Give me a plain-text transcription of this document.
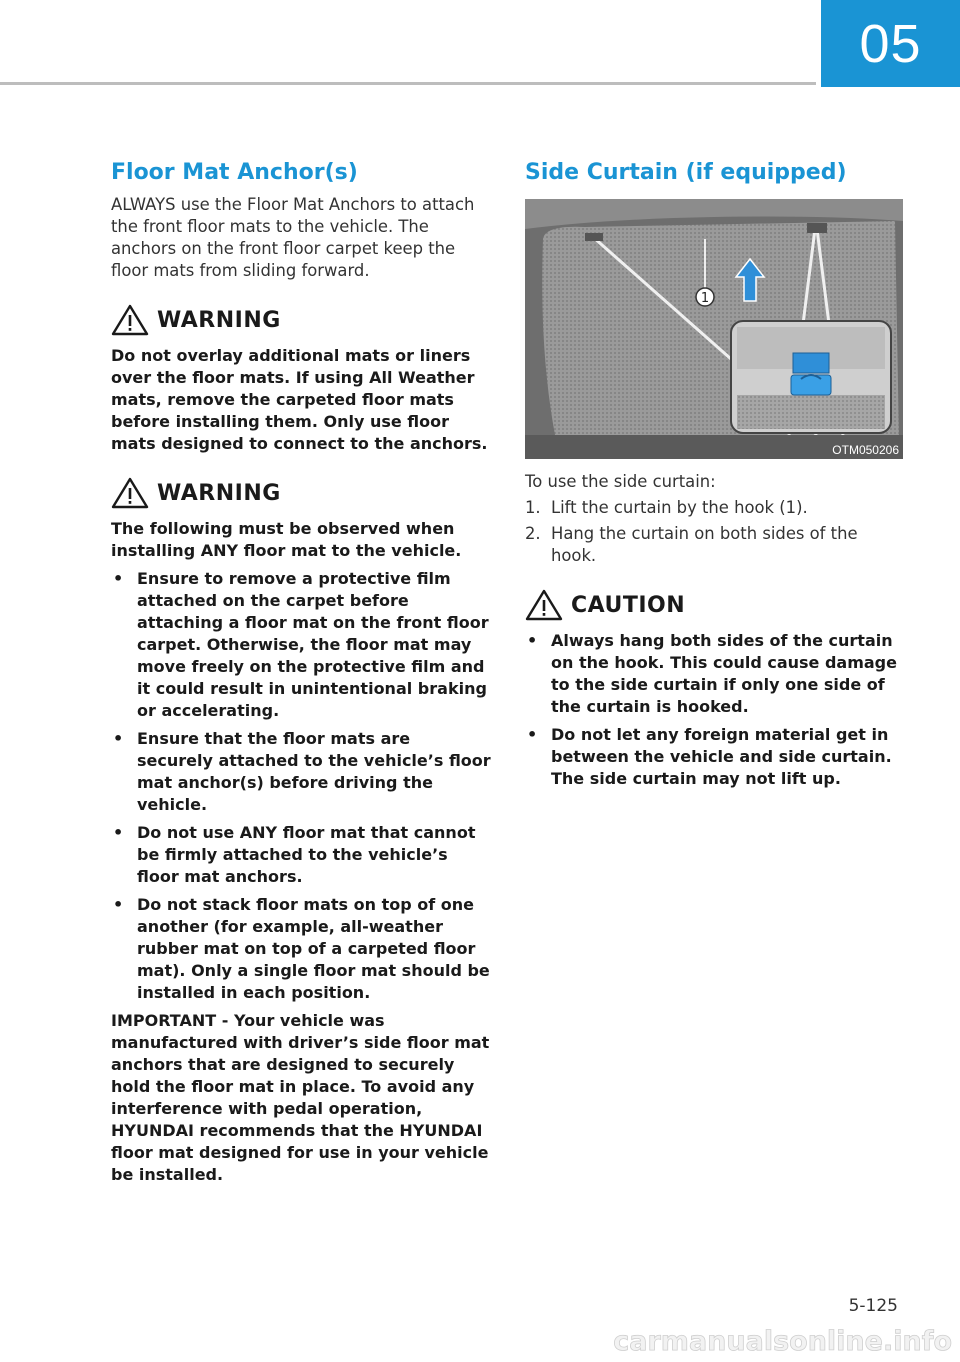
05
Floor Mat Anchor(s)

ALWAYS use the Floor Mat Anchors to attach the front floor mats to the vehicle. The anchors on the front floor carpet keep the floor mats from sliding forward.

WARNING

Do not overlay additional mats or liners over the floor mats. If using All Weather mats, remove the carpeted floor mats before installing them. Only use floor mats designed to connect to the anchors.

WARNING

The following must be observed when installing ANY floor mat to the vehicle.

• Ensure to remove a protective film attached on the carpet before attaching a floor mat on the front floor carpet. Otherwise, the floor mat may move freely on the protective film and it could result in unintentional braking or accelerating.
• Ensure that the floor mats are securely attached to the vehicle’s floor mat anchor(s) before driving the vehicle.
• Do not use ANY floor mat that cannot be firmly attached to the vehicle’s floor mat anchors.
• Do not stack floor mats on top of one another (for example, all-weather rubber mat on top of a carpeted floor mat). Only a single floor mat should be installed in each position.

IMPORTANT - Your vehicle was manufactured with driver’s side floor mat anchors that are designed to securely hold the floor mat in place. To avoid any interference with pedal operation, HYUNDAI recommends that the HYUNDAI floor mat designed for use in your vehicle be installed.

Side Curtain (if equipped)
1
OTM050206

To use the side curtain:

1. Lift the curtain by the hook (1).
2. Hang the curtain on both sides of the hook.
CAUTION
• Always hang both sides of the curtain on the hook. This could cause damage to the side curtain if only one side of the curtain is hooked.
• Do not let any foreign material get in between the vehicle and side curtain. The side curtain may not lift up.
5-125
carmanualsonline.info
